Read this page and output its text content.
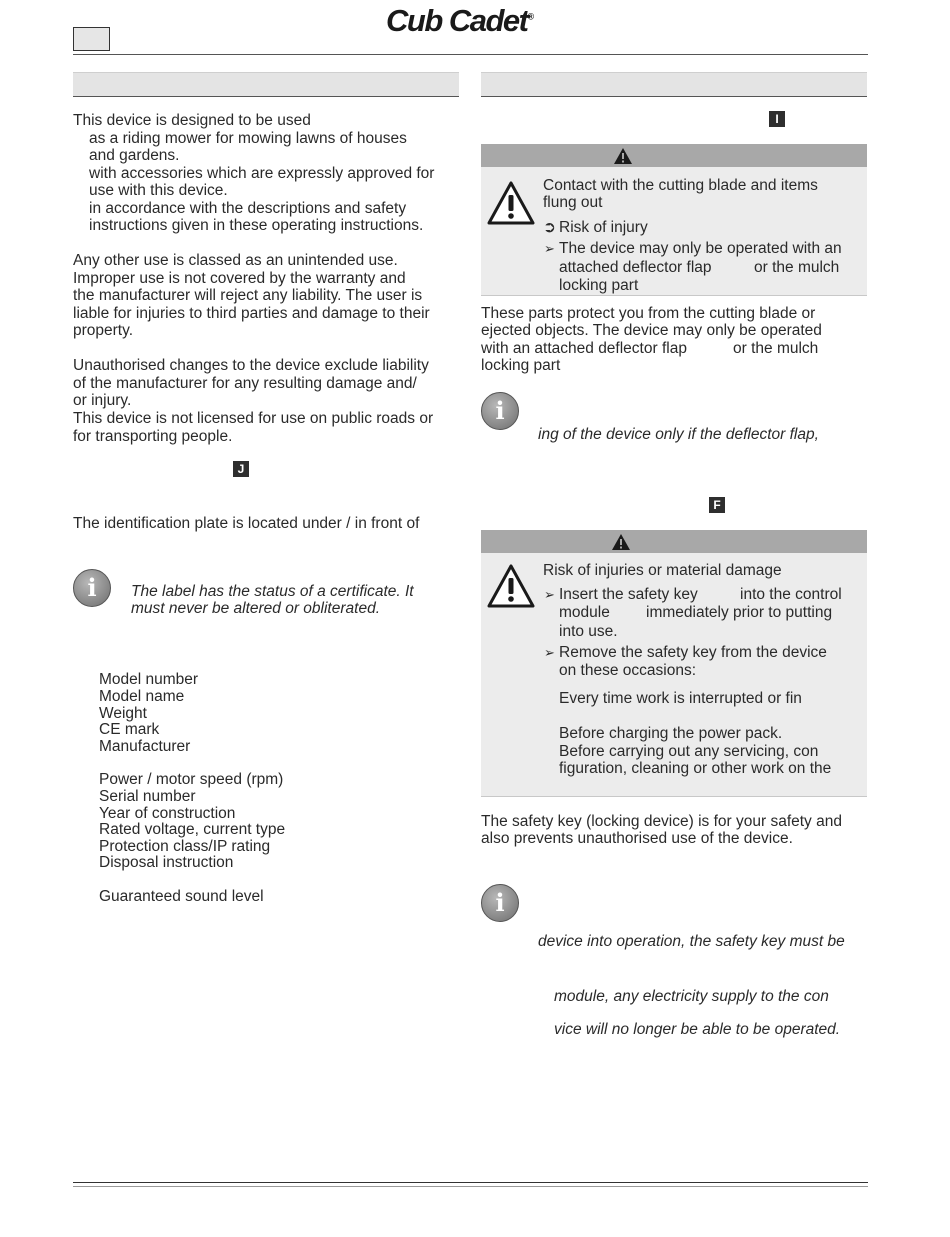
Cub Cadet®
This device is designed to be used
as a riding mower for mowing lawns of houses
and gardens.
with accessories which are expressly approved for
use with this device.
in accordance with the descriptions and safety
instructions given in these operating instructions.
Any other use is classed as an unintended use.
Improper use is not covered by the warranty and
the manufacturer will reject any liability. The user is
liable for injuries to third parties and damage to their
property.
Unauthorised changes to the device exclude liability
of the manufacturer for any resulting damage and/
or injury.
This device is not licensed for use on public roads or
for transporting people.
J
The identification plate is located under / in front of
i	The label has the status of a certificate. It
must never be altered or obliterated.
Model number
Model name
Weight
CE mark
Manufacturer
Power / motor speed (rpm)
Serial number
Year of construction
Rated voltage, current type
Protection class/IP rating
Disposal instruction
Guaranteed sound level
I
Contact with the cutting blade and items
flung out
➲ Risk of injury
➢ The device may only be operated with an
attached deflector flap	or the mulch
locking part
These parts protect you from the cutting blade or
ejected objects. The device may only be operated
with an attached deflector flap	or the mulch
locking part
i
ing of the device only if the deflector flap,
F
Risk of injuries or material damage
➢ Insert the safety key	into the control
module immediately prior to putting
into use.
➢ Remove the safety key from the device
on these occasions:
Every time work is interrupted or fin
Before charging the power pack.
Before carrying out any servicing, con
figuration, cleaning or other work on the
The safety key (locking device) is for your safety and
also prevents unauthorised use of the device.
i
device into operation, the safety key must be
module, any electricity supply to the con
vice will no longer be able to be operated.
